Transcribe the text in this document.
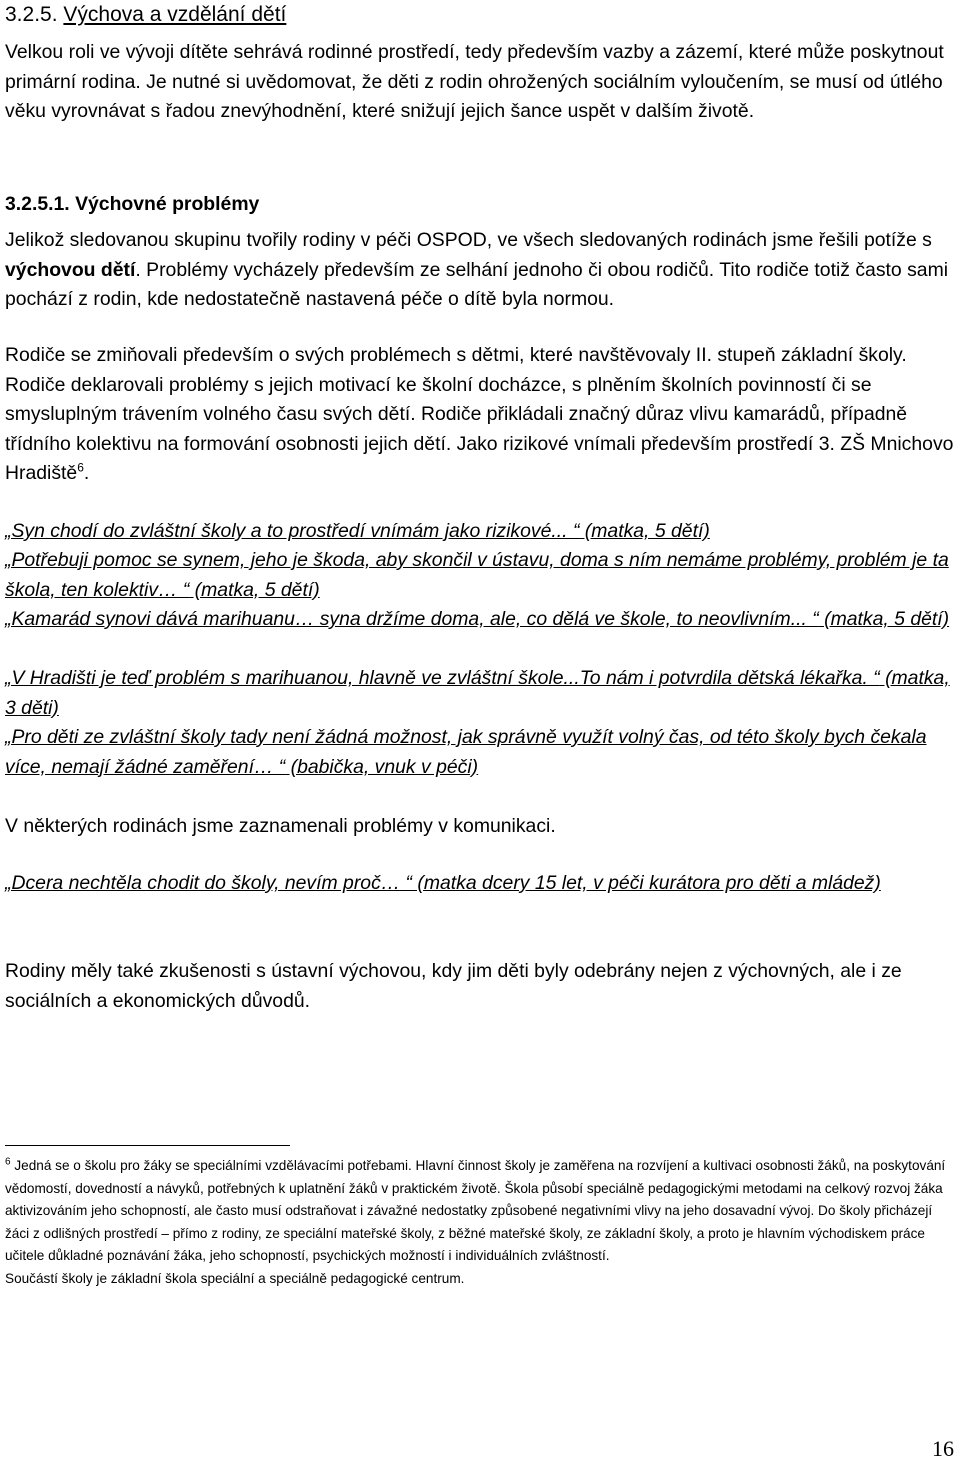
3.2.5. Výchova a vzdělání dětí
Velkou roli ve vývoji dítěte sehrává rodinné prostředí, tedy především vazby a zázemí, které může poskytnout primární rodina. Je nutné si uvědomovat, že děti z rodin ohrožených sociálním vyloučením, se musí od útlého věku vyrovnávat s řadou znevýhodnění, které snižují jejich šance uspět v dalším životě.
3.2.5.1. Výchovné problémy
Jelikož sledovanou skupinu tvořily rodiny v péči OSPOD, ve všech sledovaných rodinách jsme řešili potíže s výchovou dětí. Problémy vycházely především ze selhání jednoho či obou rodičů. Tito rodiče totiž často sami pochází z rodin, kde nedostatečně nastavená péče o dítě byla normou.
Rodiče se zmiňovali především o svých problémech s dětmi, které navštěvovaly II. stupeň základní školy. Rodiče deklarovali problémy s jejich motivací ke školní docházce, s plněním školních povinností či se smysluplným trávením volného času svých dětí. Rodiče přikládali značný důraz vlivu kamarádů, případně třídního kolektivu na formování osobnosti jejich dětí. Jako rizikové vnímali především prostředí 3. ZŠ Mnichovo Hradiště$^6$.
„Syn chodí do zvláštní školy a to prostředí vnímám jako rizikové... “ (matka, 5 dětí)
„Potřebuji pomoc se synem, jeho je škoda, aby skončil v ústavu, doma s ním nemáme problémy, problém je ta škola, ten kolektiv… “ (matka, 5 dětí)
„Kamarád synovi dává marihuanu… syna držíme doma, ale, co dělá ve škole, to neovlivním... “ (matka, 5 dětí)
„V Hradišti je teď problém s marihuanou, hlavně ve zvláštní škole...To nám i potvrdila dětská lékařka. “ (matka, 3 děti)
„Pro děti ze zvláštní školy tady není žádná možnost, jak správně využít volný čas, od této školy bych čekala více, nemají žádné zaměření… “ (babička, vnuk v péči)
V některých rodinách jsme zaznamenali problémy v komunikaci.
„Dcera nechtěla chodit do školy, nevím proč… “ (matka dcery 15 let, v péči kurátora pro děti a mládež)
Rodiny měly také zkušenosti s ústavní výchovou, kdy jim děti byly odebrány nejen z výchovných, ale i ze sociálních a ekonomických důvodů.
$^6$ Jedná se o školu pro žáky se speciálními vzdělávacími potřebami. Hlavní činnost školy je zaměřena na rozvíjení a kultivaci osobnosti žáků, na poskytování vědomostí, dovedností a návyků, potřebných k uplatnění žáků v praktickém životě. Škola působí speciálně pedagogickými metodami na celkový rozvoj žáka aktivizováním jeho schopností, ale často musí odstraňovat i závažné nedostatky způsobené negativními vlivy na jeho dosavadní vývoj. Do školy přicházejí žáci z odlišných prostředí – přímo z rodiny, ze speciální mateřské školy, z běžné mateřské školy, ze základní školy, a proto je hlavním východiskem práce učitele důkladné poznávání žáka, jeho schopností, psychických možností i individuálních zvláštností.
Součástí školy je základní škola speciální a speciálně pedagogické centrum.
16
